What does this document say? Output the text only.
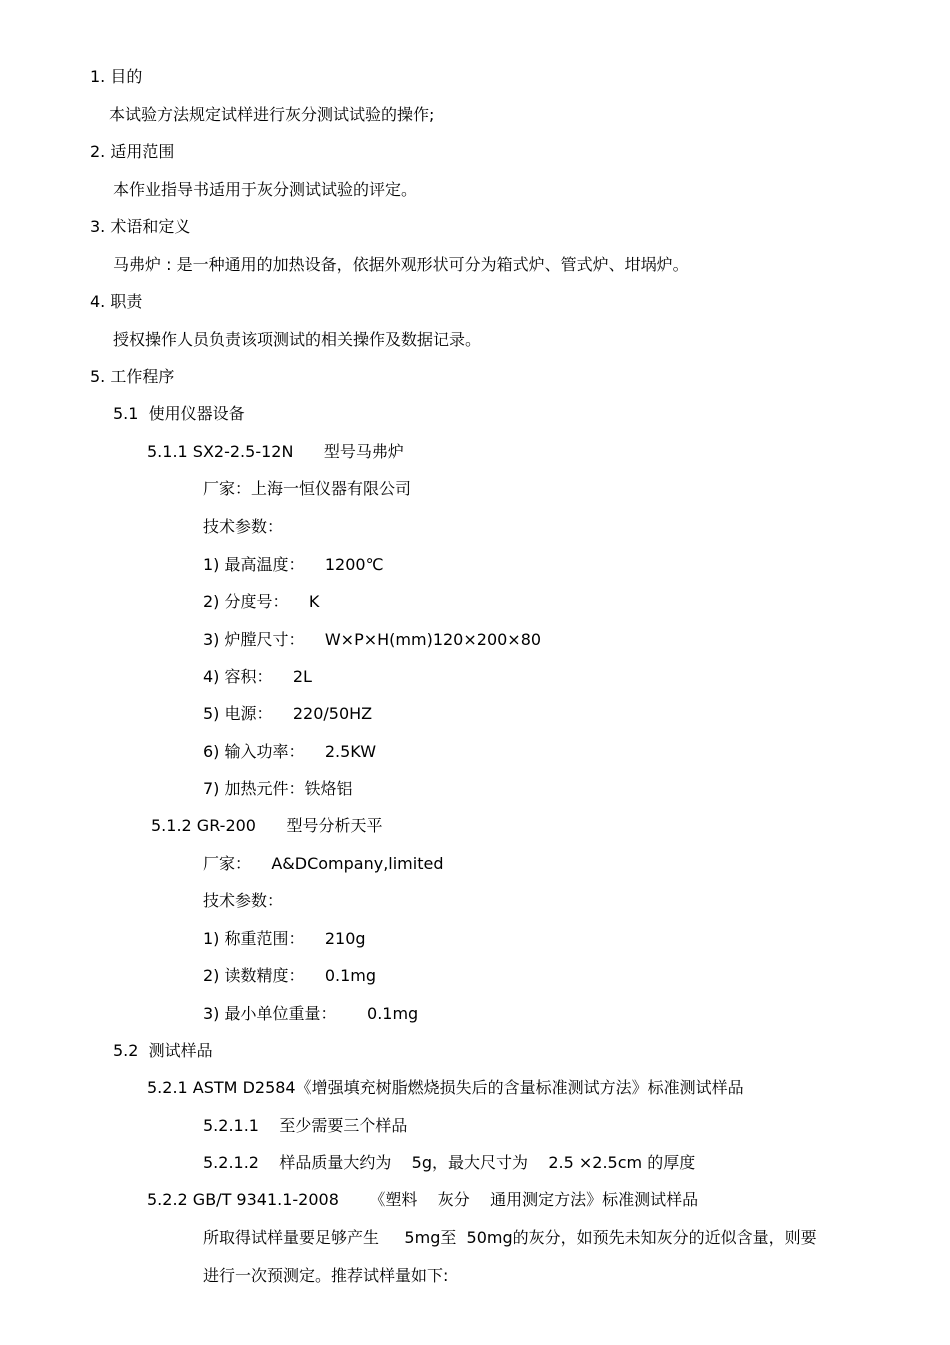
1. 目的
本试验方法规定试样进行灰分测试试验的操作;
2. 适用范围
本作业指导书适用于灰分测试试验的评定。
3. 术语和定义
马弗炉 : 是一种通用的加热设备，依据外观形状可分为箱式炉、管式炉、坩埚炉。
4. 职责
授权操作人员负责该项测试的相关操作及数据记录。
5. 工作程序
5.1  使用仪器设备
5.1.1 SX2-2.5-12N      型号马弗炉
厂家：上海一恒仪器有限公司
技术参数：
1) 最高温度：    1200℃
2) 分度号：    K
3) 炉膛尺寸：    W×P×H(mm)120×200×80
4) 容积：    2L
5) 电源：    220/50HZ
6) 输入功率：    2.5KW
7) 加热元件：铁烙铝
5.1.2 GR-200      型号分析天平
厂家：    A&DCompany,limited
技术参数：
1) 称重范围：    210g
2) 读数精度：    0.1mg
3) 最小单位重量：      0.1mg
5.2  测试样品
5.2.1 ASTM D2584《增强填充树脂燃烧损失后的含量标准测试方法》标准测试样品
5.2.1.1    至少需要三个样品
5.2.1.2    样品质量大约为    5g，最大尺寸为    2.5 ×2.5cm 的厚度
5.2.2 GB/T 9341.1-2008      《塑料    灰分    通用测定方法》标准测试样品
所取得试样量要足够产生     5mg至  50mg的灰分，如预先未知灰分的近似含量，则要
进行一次预测定。推荐试样量如下:
